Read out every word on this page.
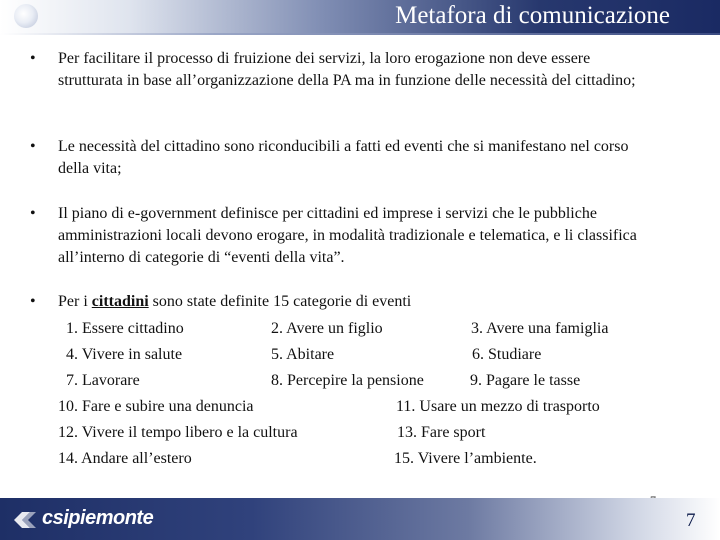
Metafora di comunicazione
• Per facilitare il processo di fruizione dei servizi, la loro erogazione non deve essere strutturata in base all’organizzazione della PA ma in funzione delle necessità del cittadino;

• Le necessità del cittadino sono riconducibili a fatti ed eventi che si manifestano nel corso della vita;

• Il piano di e-government definisce per cittadini ed imprese i servizi che le pubbliche amministrazioni locali devono erogare, in modalità tradizionale e telematica, e li classifica all’interno di categorie di “eventi della vita”.

• Per i cittadini sono state definite 15 categorie di eventi

1. Essere cittadino	2. Avere un figlio	3. Avere una famiglia
4. Vivere in salute	5. Abitare	6. Studiare
7. Lavorare	8. Percepire la pensione	9. Pagare le tasse
10. Fare e subire una denuncia	11. Usare un mezzo di trasporto
12. Vivere il tempo libero e la cultura	13. Fare sport
14. Andare all’estero	15. Vivere l’ambiente.
csipiemonte	7
